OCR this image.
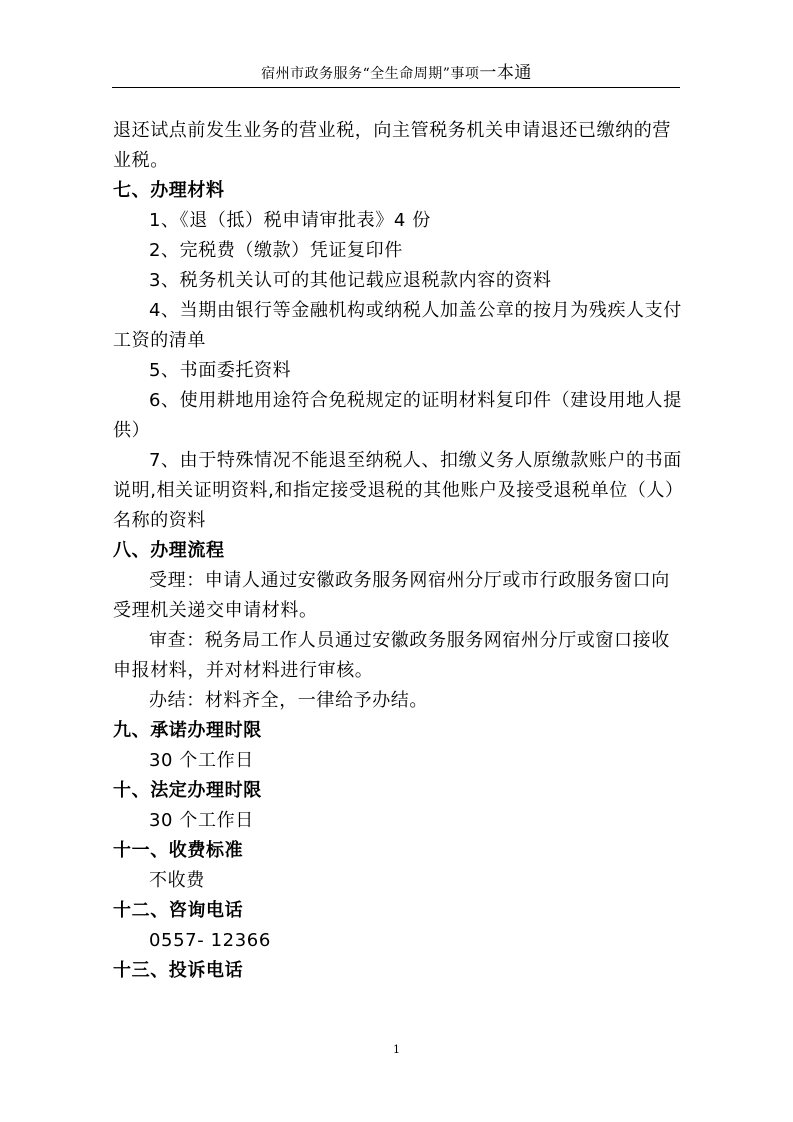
宿州市政务服务“全生命周期”事项一本通
退还试点前发生业务的营业税，向主管税务机关申请退还已缴纳的营
业税。
七、办理材料
1、《退（抵）税申请审批表》4 份
2、完税费（缴款）凭证复印件
3、税务机关认可的其他记载应退税款内容的资料
4、当期由银行等金融机构或纳税人加盖公章的按月为残疾人支付
工资的清单
5、书面委托资料
6、使用耕地用途符合免税规定的证明材料复印件（建设用地人提
供）
7、由于特殊情况不能退至纳税人、扣缴义务人原缴款账户的书面
说明,相关证明资料,和指定接受退税的其他账户及接受退税单位（人）
名称的资料
八、办理流程
受理：申请人通过安徽政务服务网宿州分厅或市行政服务窗口向
受理机关递交申请材料。
审查：税务局工作人员通过安徽政务服务网宿州分厅或窗口接收
申报材料，并对材料进行审核。
办结：材料齐全，一律给予办结。
九、承诺办理时限
30 个工作日
十、法定办理时限
30 个工作日
十一、收费标准
不收费
十二、咨询电话
0557- 12366
十三、投诉电话
1
